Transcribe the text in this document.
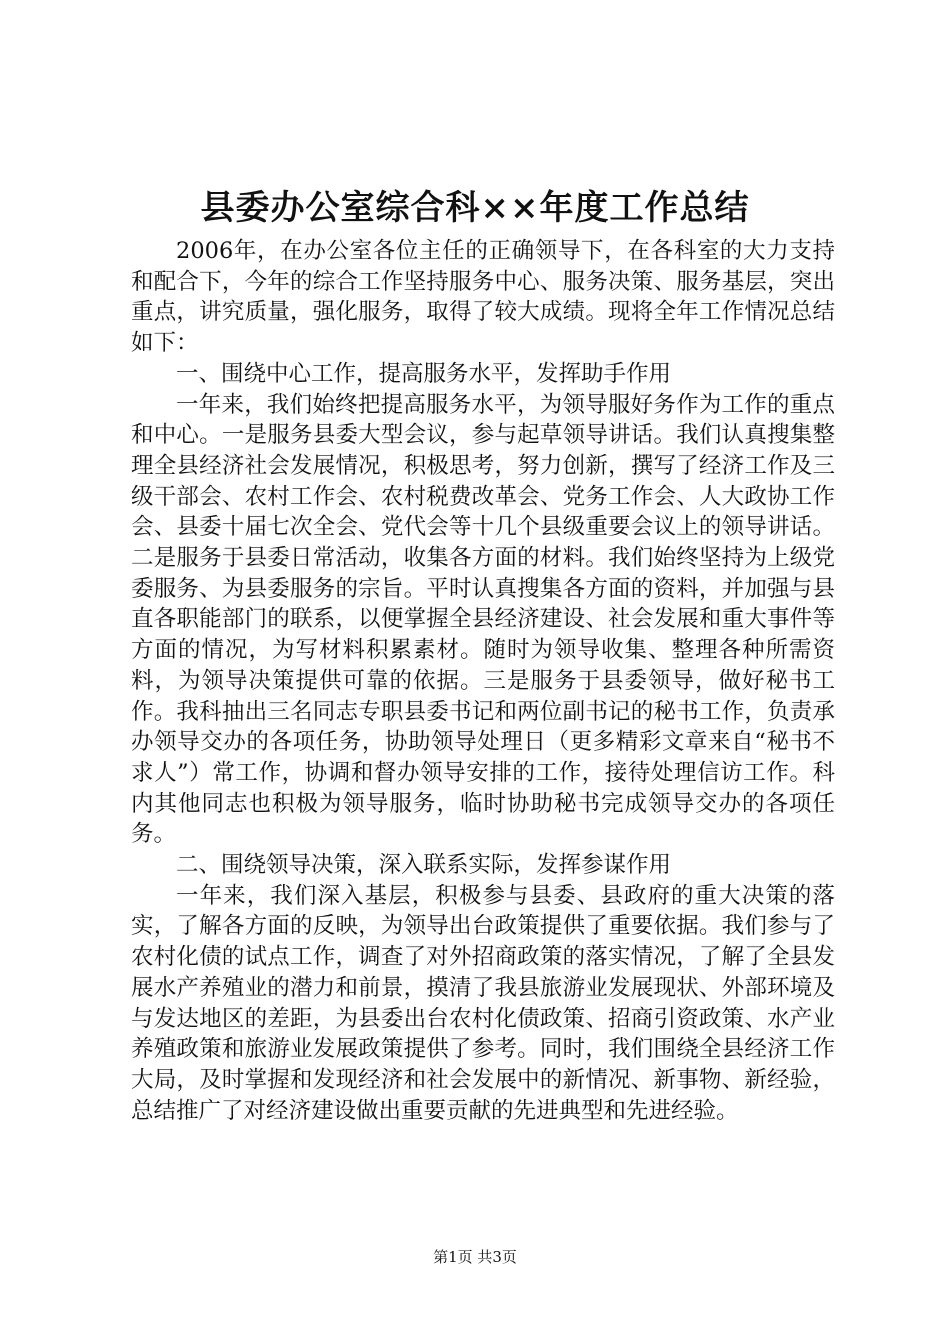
县委办公室综合科××年度工作总结

2006年，在办公室各位主任的正确领导下，在各科室的大力支持和配合下，今年的综合工作坚持服务中心、服务决策、服务基层，突出重点，讲究质量，强化服务，取得了较大成绩。现将全年工作情况总结如下：

一、围绕中心工作，提高服务水平，发挥助手作用

一年来，我们始终把提高服务水平，为领导服好务作为工作的重点和中心。一是服务县委大型会议，参与起草领导讲话。我们认真搜集整理全县经济社会发展情况，积极思考，努力创新，撰写了经济工作及三级干部会、农村工作会、农村税费改革会、党务工作会、人大政协工作会、县委十届七次全会、党代会等十几个县级重要会议上的领导讲话。二是服务于县委日常活动，收集各方面的材料。我们始终坚持为上级党委服务、为县委服务的宗旨。平时认真搜集各方面的资料，并加强与县直各职能部门的联系，以便掌握全县经济建设、社会发展和重大事件等方面的情况，为写材料积累素材。随时为领导收集、整理各种所需资料，为领导决策提供可靠的依据。三是服务于县委领导，做好秘书工作。我科抽出三名同志专职县委书记和两位副书记的秘书工作，负责承办领导交办的各项任务，协助领导处理日（更多精彩文章来自“秘书不求人”）常工作，协调和督办领导安排的工作，接待处理信访工作。科内其他同志也积极为领导服务，临时协助秘书完成领导交办的各项任务。

二、围绕领导决策，深入联系实际，发挥参谋作用

一年来，我们深入基层，积极参与县委、县政府的重大决策的落实，了解各方面的反映，为领导出台政策提供了重要依据。我们参与了农村化债的试点工作，调查了对外招商政策的落实情况，了解了全县发展水产养殖业的潜力和前景，摸清了我县旅游业发展现状、外部环境及与发达地区的差距，为县委出台农村化债政策、招商引资政策、水产业养殖政策和旅游业发展政策提供了参考。同时，我们围绕全县经济工作大局，及时掌握和发现经济和社会发展中的新情况、新事物、新经验，总结推广了对经济建设做出重要贡献的先进典型和先进经验。

第1页 共3页
